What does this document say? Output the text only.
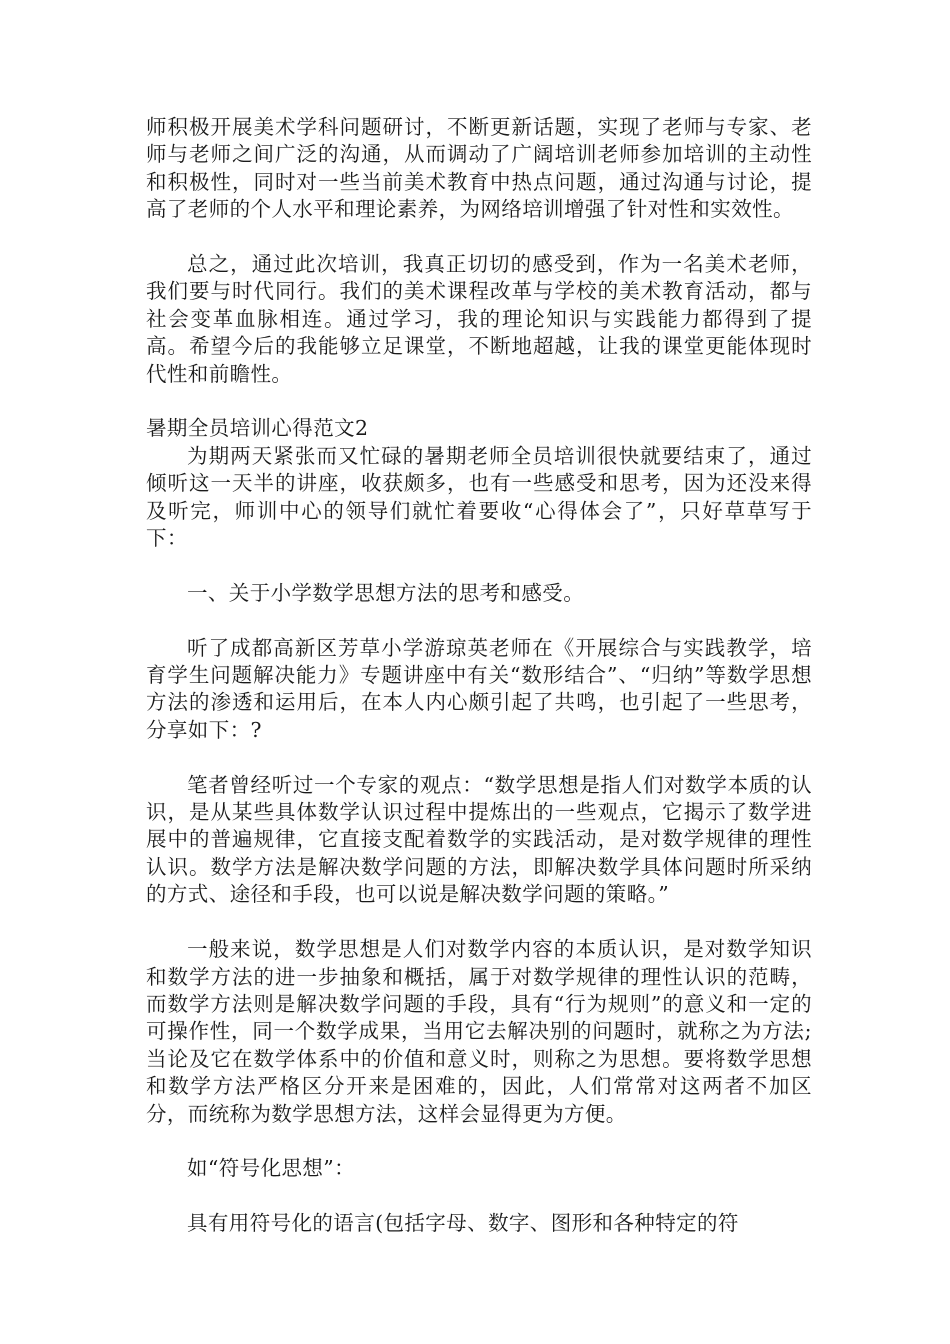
师积极开展美术学科问题研讨，不断更新话题，实现了老师与专家、老师与老师之间广泛的沟通，从而调动了广阔培训老师参加培训的主动性和积极性，同时对一些当前美术教育中热点问题，通过沟通与讨论，提高了老师的个人水平和理论素养，为网络培训增强了针对性和实效性。

总之，通过此次培训，我真正切切的感受到，作为一名美术老师，我们要与时代同行。我们的美术课程改革与学校的美术教育活动，都与社会变革血脉相连。通过学习，我的理论知识与实践能力都得到了提高。希望今后的我能够立足课堂，不断地超越，让我的课堂更能体现时代性和前瞻性。

暑期全员培训心得范文2

为期两天紧张而又忙碌的暑期老师全员培训很快就要结束了，通过倾听这一天半的讲座，收获颇多，也有一些感受和思考，因为还没来得及听完，师训中心的领导们就忙着要收“心得体会了”，只好草草写于下：

一、关于小学数学思想方法的思考和感受。

听了成都高新区芳草小学游琼英老师在《开展综合与实践教学，培育学生问题解决能力》专题讲座中有关“数形结合”、“归纳”等数学思想方法的渗透和运用后，在本人内心颇引起了共鸣，也引起了一些思考，分享如下：?

笔者曾经听过一个专家的观点：“数学思想是指人们对数学本质的认识，是从某些具体数学认识过程中提炼出的一些观点，它揭示了数学进展中的普遍规律，它直接支配着数学的实践活动，是对数学规律的理性认识。数学方法是解决数学问题的方法，即解决数学具体问题时所采纳的方式、途径和手段，也可以说是解决数学问题的策略。”

一般来说，数学思想是人们对数学内容的本质认识，是对数学知识和数学方法的进一步抽象和概括，属于对数学规律的理性认识的范畴，而数学方法则是解决数学问题的手段，具有“行为规则”的意义和一定的可操作性，同一个数学成果，当用它去解决别的问题时，就称之为方法;当论及它在数学体系中的价值和意义时，则称之为思想。要将数学思想和数学方法严格区分开来是困难的，因此，人们常常对这两者不加区分，而统称为数学思想方法，这样会显得更为方便。

如“符号化思想”：

具有用符号化的语言(包括字母、数字、图形和各种特定的符
